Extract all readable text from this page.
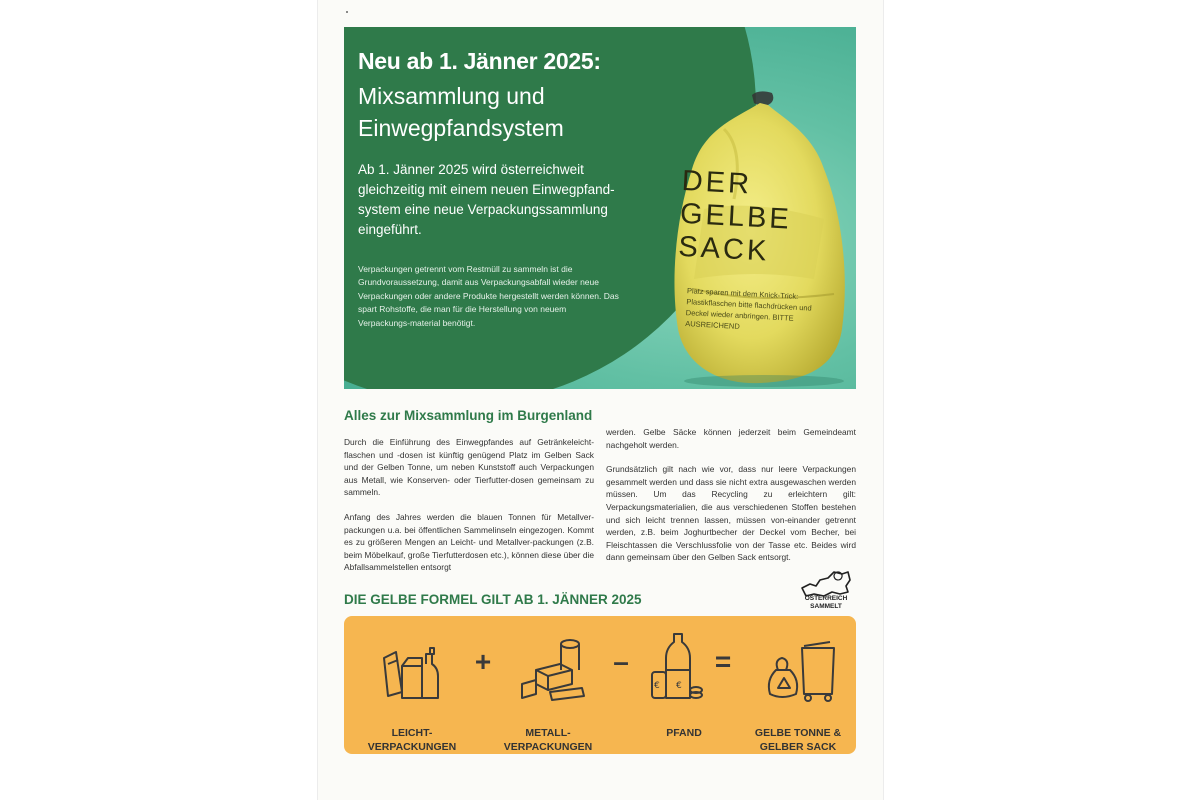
DER GELBE SACK
Platz sparen mit dem Knick-Trick: Plastikflaschen bitte flachdrücken und Deckel wieder anbringen. BITTE AUSREICHEND
Neu ab 1. Jänner 2025:
Mixsammlung und Einwegpfandsystem
Ab 1. Jänner 2025 wird österreichweit gleichzeitig mit einem neuen Einwegpfand-system eine neue Verpackungssammlung eingeführt.
Verpackungen getrennt vom Restmüll zu sammeln ist die Grundvoraussetzung, damit aus Verpackungsabfall wieder neue Verpackungen oder andere Produkte hergestellt werden können. Das spart Rohstoffe, die man für die Herstellung von neuem Verpackungs-material benötigt.
Alles zur Mixsammlung im Burgenland

Durch die Einführung des Einwegpfandes auf Getränkeleicht-flaschen und -dosen ist künftig genügend Platz im Gelben Sack und der Gelben Tonne, um neben Kunststoff auch Verpackungen aus Metall, wie Konserven- oder Tierfutter-dosen gemeinsam zu sammeln.

Anfang des Jahres werden die blauen Tonnen für Metallver-packungen u.a. bei öffentlichen Sammelinseln eingezogen. Kommt es zu größeren Mengen an Leicht- und Metallver-packungen (z.B. beim Möbelkauf, große Tierfutterdosen etc.), können diese über die Abfallsammelstellen entsorgt

werden. Gelbe Säcke können jederzeit beim Gemeindeamt nachgeholt werden.

Grundsätzlich gilt nach wie vor, dass nur leere Verpackungen gesammelt werden und dass sie nicht extra ausgewaschen werden müssen. Um das Recycling zu erleichtern gilt: Verpackungsmaterialien, die aus verschiedenen Stoffen bestehen und sich leicht trennen lassen, müssen von-einander getrennt werden, z.B. beim Joghurtbecher der Deckel vom Becher, bei Fleischtassen die Verschlussfolie von der Tasse etc. Beides wird dann gemeinsam über den Gelben Sack entsorgt.

ÖSTERREICH
SAMMELT
DIE GELBE FORMEL GILT AB 1. JÄNNER 2025
LEICHT-
VERPACKUNGEN
+
METALL-
VERPACKUNGEN
–
€ €
PFAND
=
GELBE TONNE &
GELBER SACK
